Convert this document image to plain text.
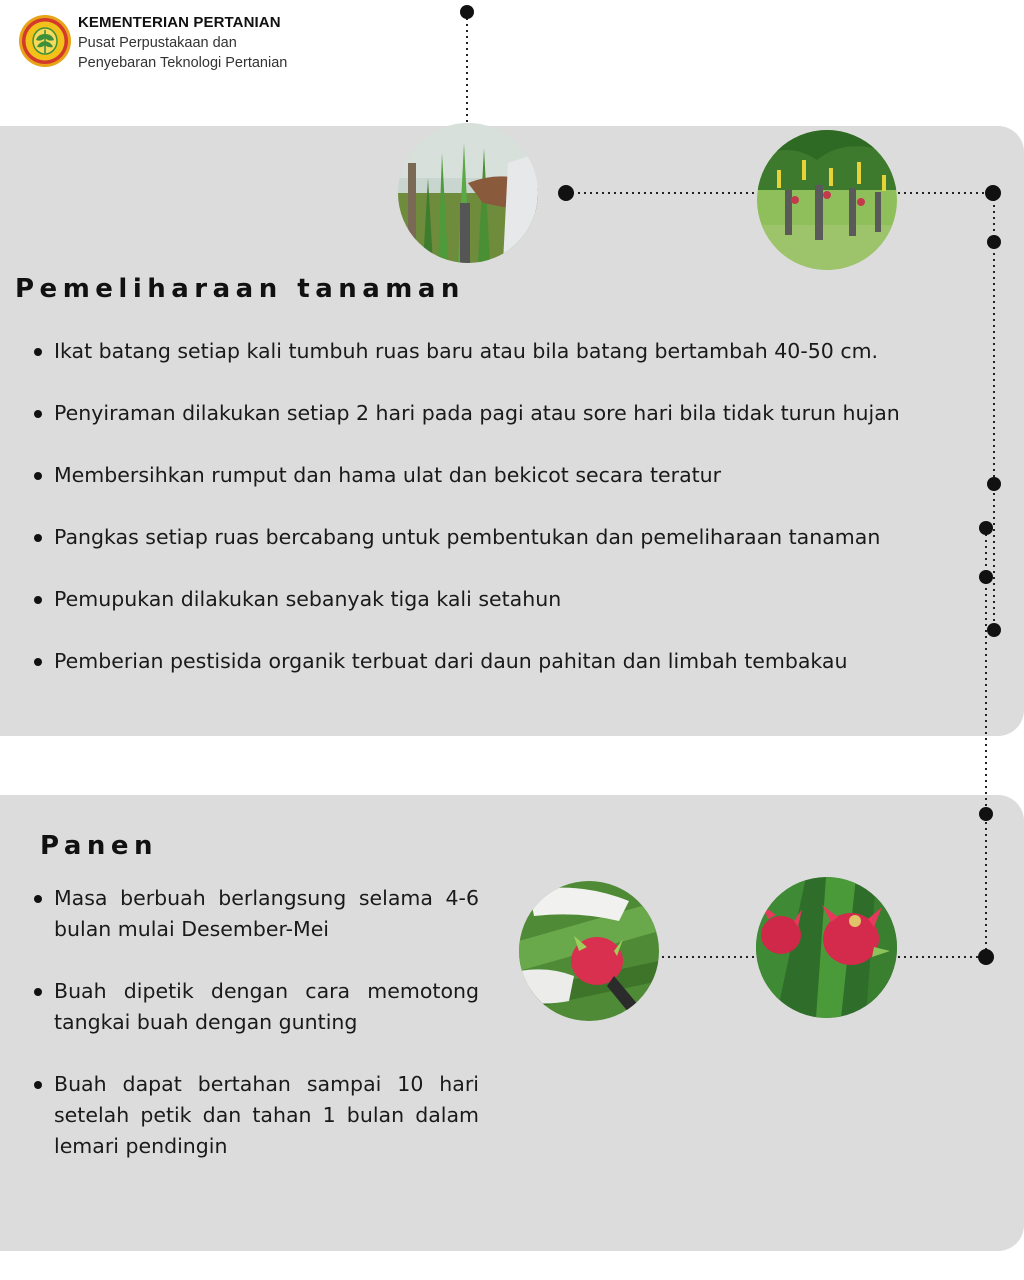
KEMENTERIAN PERTANIAN
Pusat Perpustakaan dan
Penyebaran Teknologi Pertanian
Pemeliharaan tanaman
Ikat batang setiap kali tumbuh ruas baru atau bila batang bertambah 40-50 cm.
Penyiraman dilakukan setiap 2 hari pada pagi atau sore hari bila tidak turun hujan
Membersihkan rumput dan hama ulat dan bekicot secara teratur
Pangkas setiap ruas bercabang untuk pembentukan dan pemeliharaan tanaman
Pemupukan dilakukan sebanyak tiga kali setahun
Pemberian pestisida organik terbuat dari daun pahitan dan limbah tembakau
Panen
Masa berbuah berlangsung selama 4-6 bulan mulai Desember-Mei
Buah dipetik dengan cara memotong tangkai buah dengan gunting
Buah dapat bertahan sampai 10 hari setelah petik dan tahan 1 bulan dalam lemari pendingin
